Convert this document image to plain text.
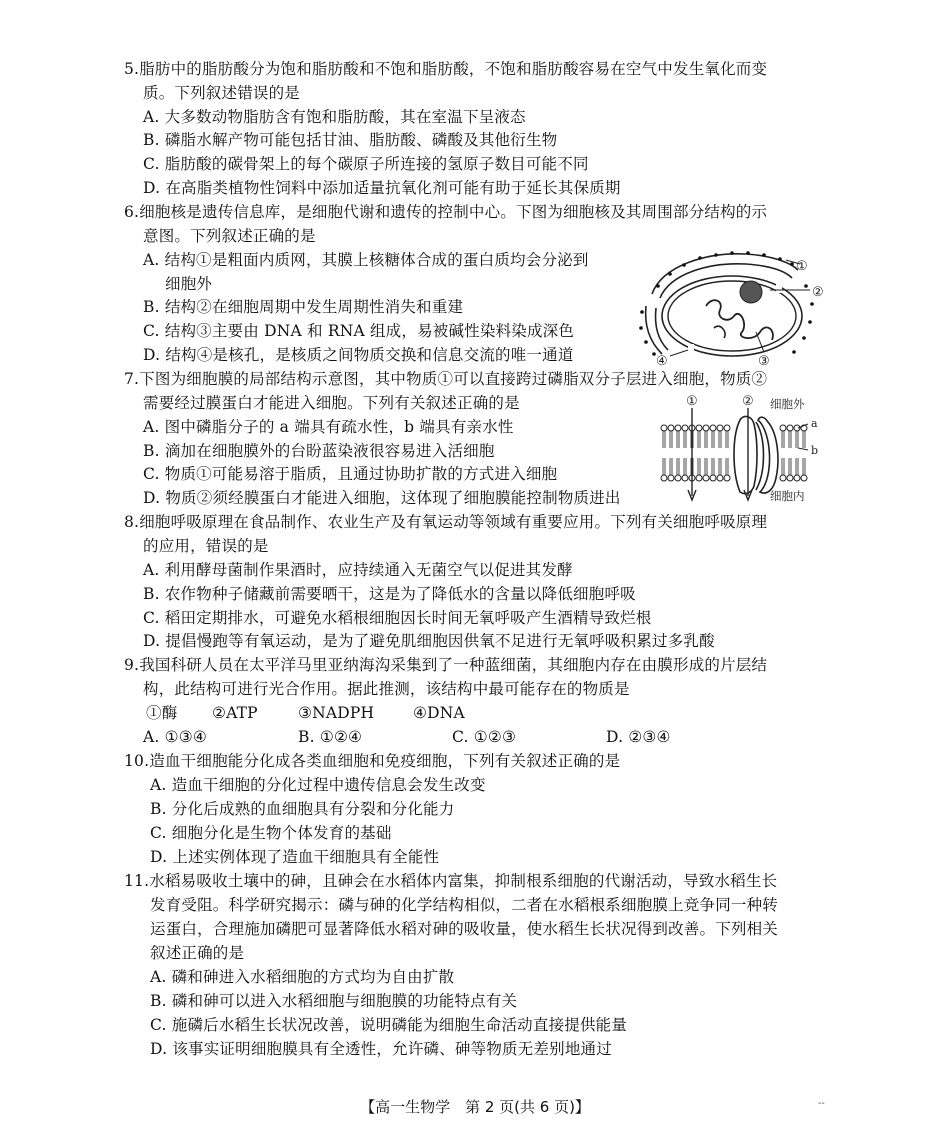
5.脂肪中的脂肪酸分为饱和脂肪酸和不饱和脂肪酸，不饱和脂肪酸容易在空气中发生氧化而变
质。下列叙述错误的是
A. 大多数动物脂肪含有饱和脂肪酸，其在室温下呈液态
B. 磷脂水解产物可能包括甘油、脂肪酸、磷酸及其他衍生物
C. 脂肪酸的碳骨架上的每个碳原子所连接的氢原子数目可能不同
D. 在高脂类植物性饲料中添加适量抗氧化剂可能有助于延长其保质期
6.细胞核是遗传信息库，是细胞代谢和遗传的控制中心。下图为细胞核及其周围部分结构的示
意图。下列叙述正确的是
A. 结构①是粗面内质网，其膜上核糖体合成的蛋白质均会分泌到
细胞外
B. 结构②在细胞周期中发生周期性消失和重建
C. 结构③主要由 DNA 和 RNA 组成，易被碱性染料染成深色
D. 结构④是核孔，是核质之间物质交换和信息交流的唯一通道
①
②
③
④
7.下图为细胞膜的局部结构示意图，其中物质①可以直接跨过磷脂双分子层进入细胞，物质②
需要经过膜蛋白才能进入细胞。下列有关叙述正确的是
A. 图中磷脂分子的 a 端具有疏水性，b 端具有亲水性
B. 滴加在细胞膜外的台盼蓝染液很容易进入活细胞
C. 物质①可能易溶于脂质，且通过协助扩散的方式进入细胞
D. 物质②须经膜蛋白才能进入细胞，这体现了细胞膜能控制物质进出
①	② 细胞外
细胞内
a
b
8.细胞呼吸原理在食品制作、农业生产及有氧运动等领域有重要应用。下列有关细胞呼吸原理
的应用，错误的是
A. 利用酵母菌制作果酒时，应持续通入无菌空气以促进其发酵
B. 农作物种子储藏前需要晒干，这是为了降低水的含量以降低细胞呼吸
C. 稻田定期排水，可避免水稻根细胞因长时间无氧呼吸产生酒精导致烂根
D. 提倡慢跑等有氧运动，是为了避免肌细胞因供氧不足进行无氧呼吸积累过多乳酸
9.我国科研人员在太平洋马里亚纳海沟采集到了一种蓝细菌，其细胞内存在由膜形成的片层结
构，此结构可进行光合作用。据此推测，该结构中最可能存在的物质是
①酶 ②ATP	③NADPH	④DNA
A. ①③④	B. ①②④	C. ①②③	D. ②③④
10.造血干细胞能分化成各类血细胞和免疫细胞，下列有关叙述正确的是
A. 造血干细胞的分化过程中遗传信息会发生改变
B. 分化后成熟的血细胞具有分裂和分化能力
C. 细胞分化是生物个体发育的基础
D. 上述实例体现了造血干细胞具有全能性
11.水稻易吸收土壤中的砷，且砷会在水稻体内富集，抑制根系细胞的代谢活动，导致水稻生长
发育受阻。科学研究揭示：磷与砷的化学结构相似，二者在水稻根系细胞膜上竞争同一种转
运蛋白，合理施加磷肥可显著降低水稻对砷的吸收量，使水稻生长状况得到改善。下列相关
叙述正确的是
A. 磷和砷进入水稻细胞的方式均为自由扩散
B. 磷和砷可以进入水稻细胞与细胞膜的功能特点有关
C. 施磷后水稻生长状况改善，说明磷能为细胞生命活动直接提供能量
D. 该事实证明细胞膜具有全透性，允许磷、砷等物质无差别地通过
【高一生物学　第 2 页(共 6 页)】	--
